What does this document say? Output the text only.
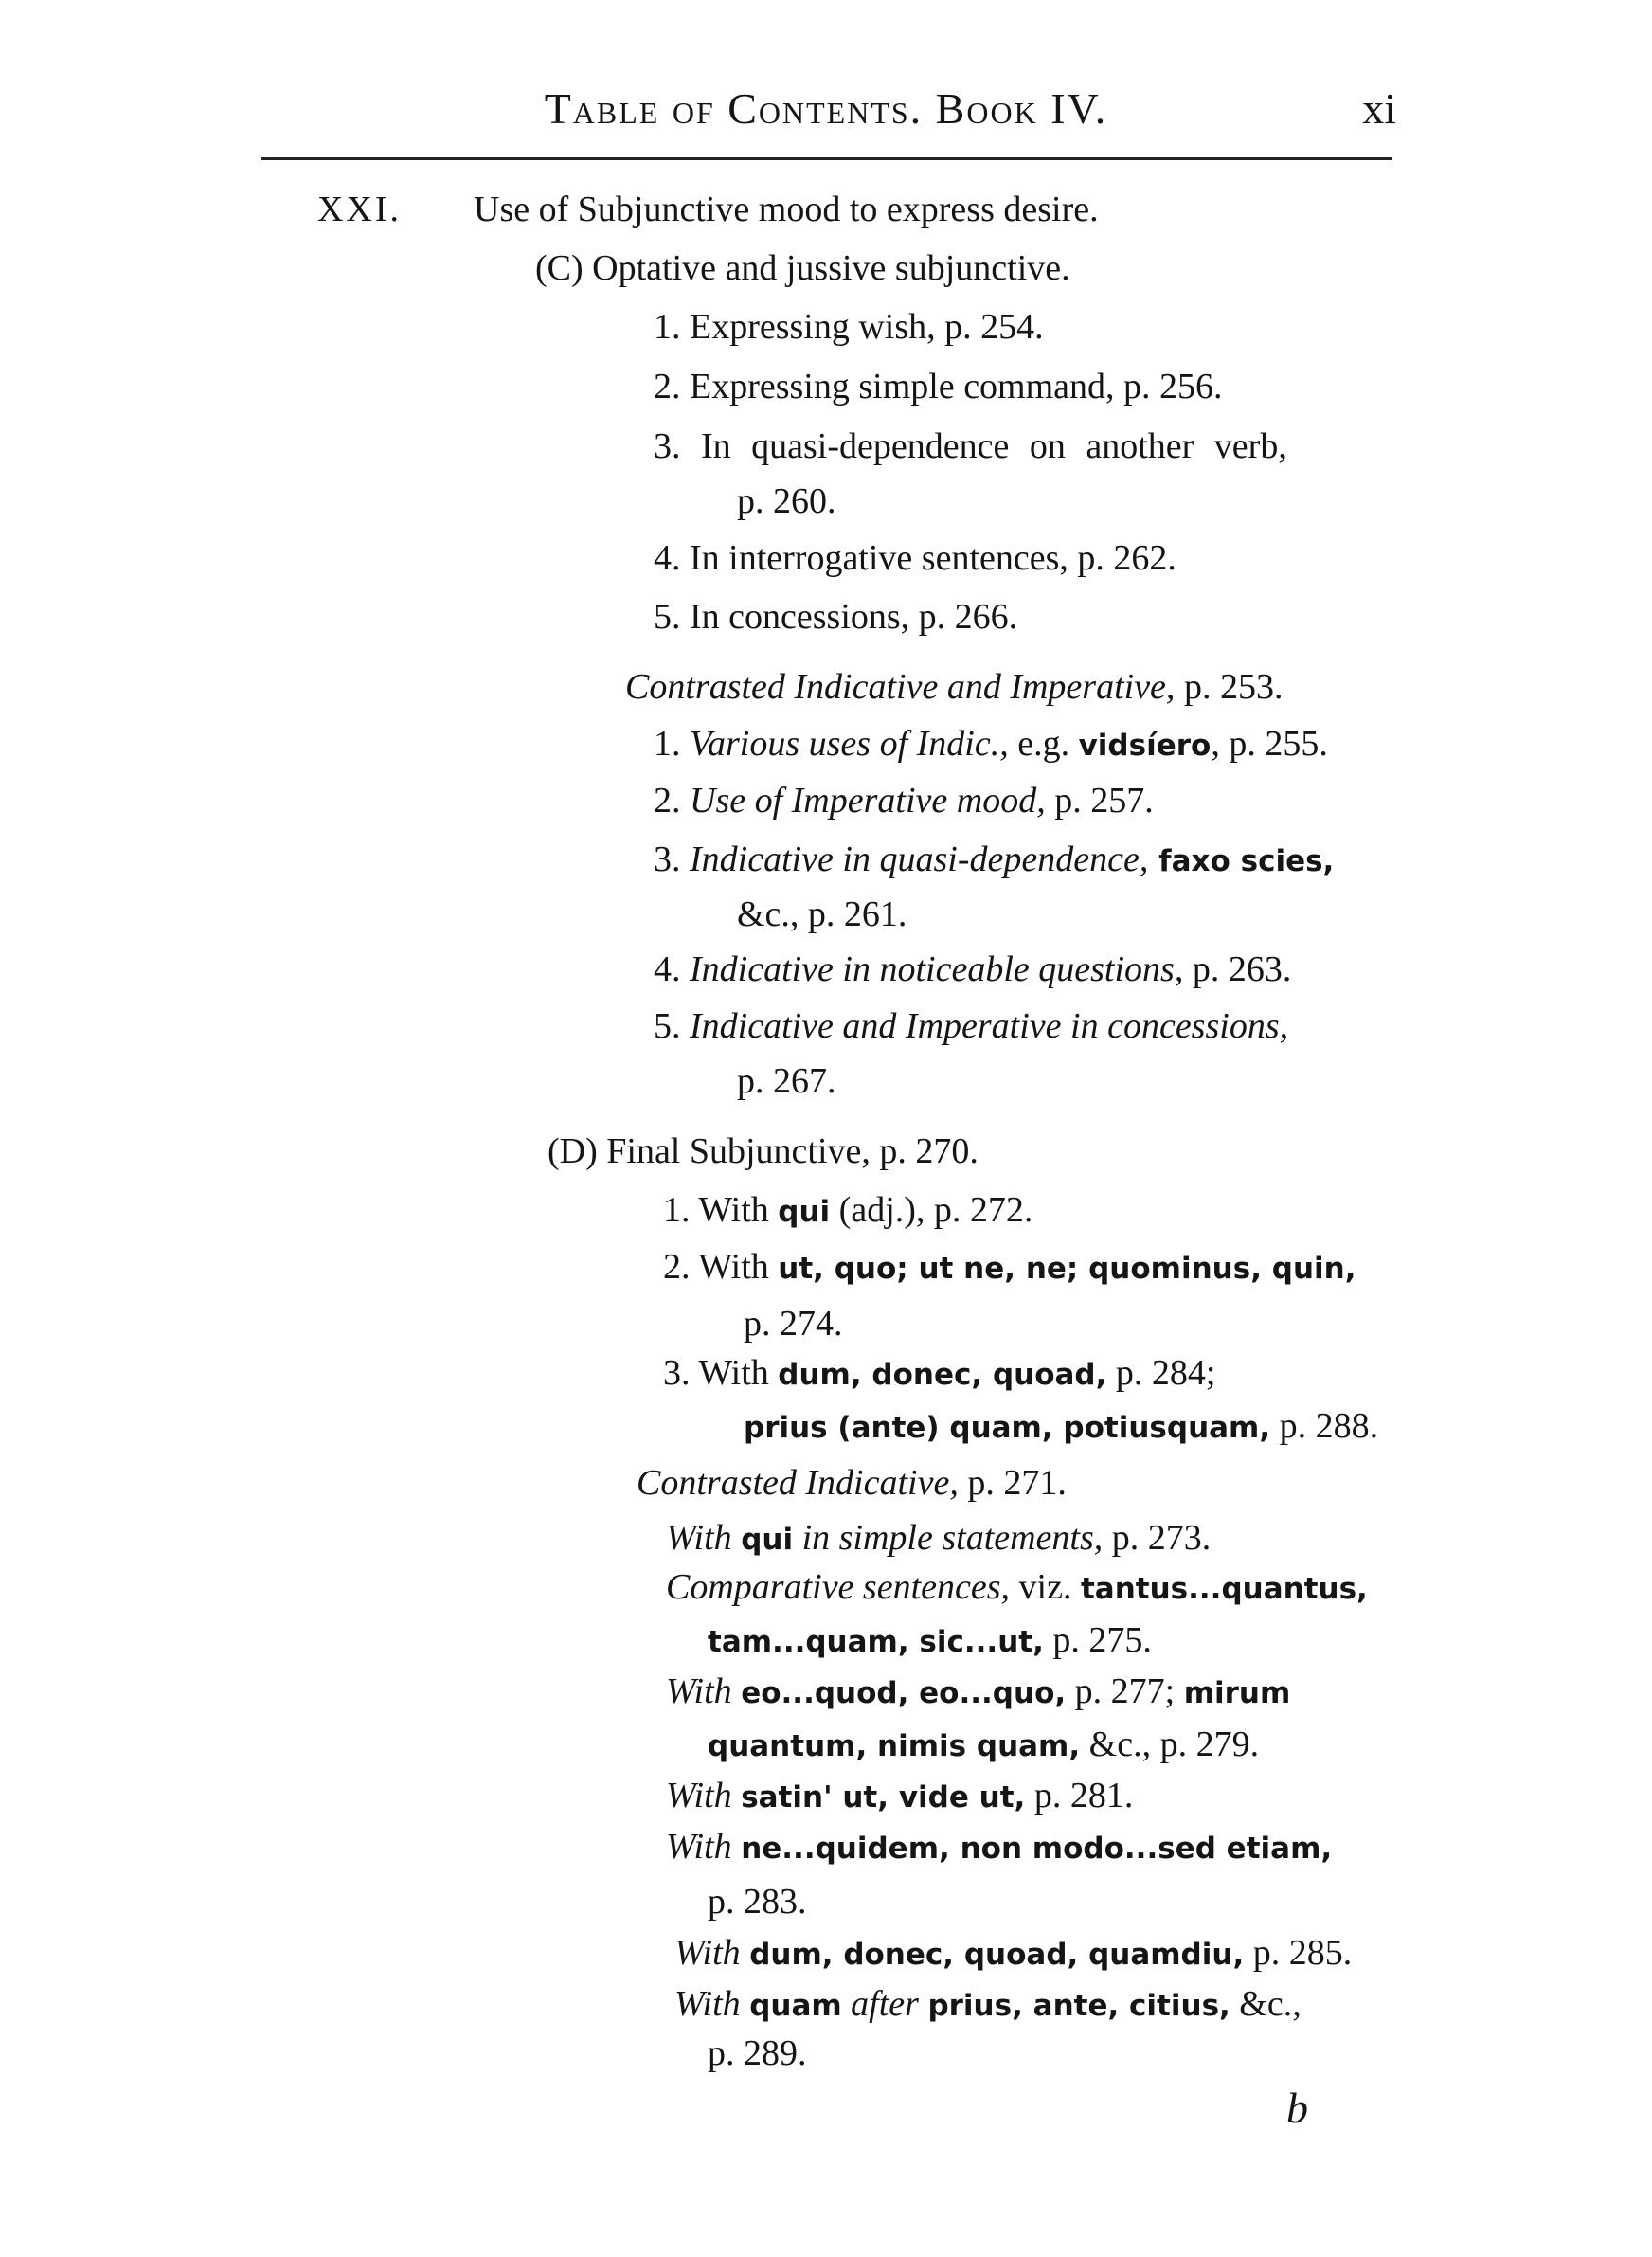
Table of Contents. Book IV.	xi
XXI. Use of Subjunctive mood to express desire.
(C) Optative and jussive subjunctive.
1. Expressing wish, p. 254.
2. Expressing simple command, p. 256.
3. In quasi-dependence on another verb,
p. 260.
4. In interrogative sentences, p. 262.
5. In concessions, p. 266.
Contrasted Indicative and Imperative, p. 253.
1. Various uses of Indic., e.g. vidsíero, p. 255.
2. Use of Imperative mood, p. 257.
3. Indicative in quasi-dependence, faxo scies,
&c., p. 261.
4. Indicative in noticeable questions, p. 263.
5. Indicative and Imperative in concessions,
p. 267.
(D) Final Subjunctive, p. 270.
1. With qui (adj.), p. 272.
2. With ut, quo; ut ne, ne; quominus, quin,
p. 274.
3. With dum, donec, quoad, p. 284;
prius (ante) quam, potiusquam, p. 288.
Contrasted Indicative, p. 271.
With qui in simple statements, p. 273.
Comparative sentences, viz. tantus...quantus,
tam...quam, sic...ut, p. 275.
With eo...quod, eo...quo, p. 277; mirum
quantum, nimis quam, &c., p. 279.
With satin' ut, vide ut, p. 281.
With ne...quidem, non modo...sed etiam,
p. 283.
With dum, donec, quoad, quamdiu, p. 285.
With quam after prius, ante, citius, &c.,
p. 289.
b
